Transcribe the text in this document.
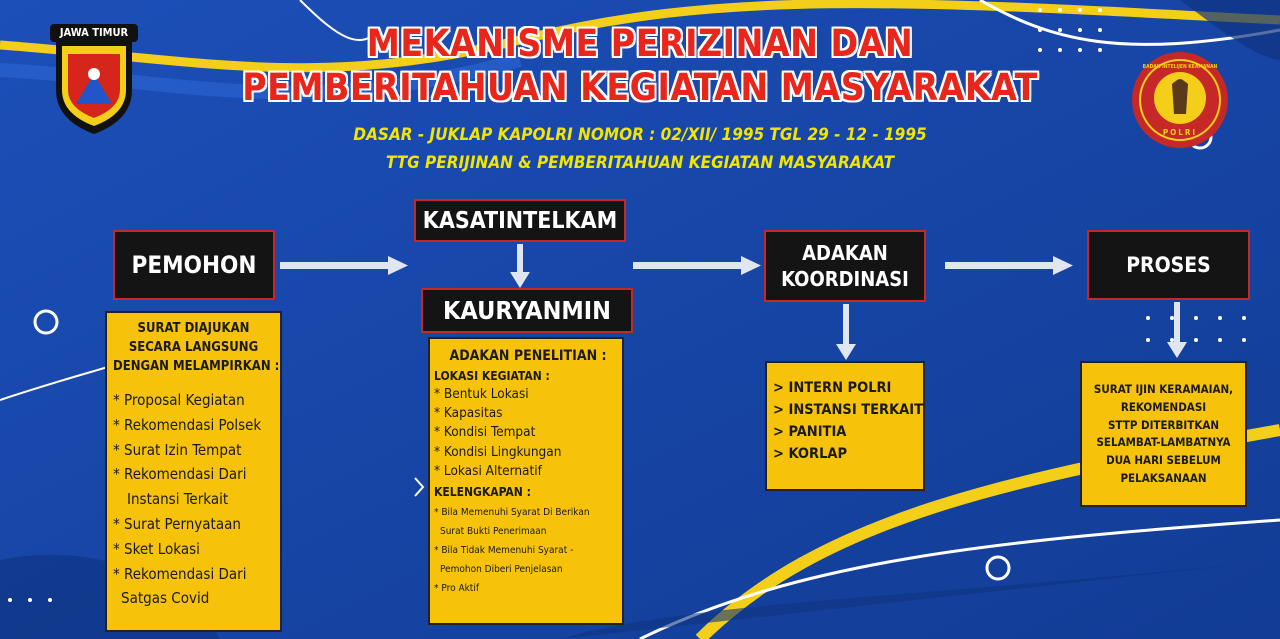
JAWA TIMUR
POLRI
BADAN INTELIJEN KEAMANAN
MEKANISME PERIZINAN DAN
PEMBERITAHUAN KEGIATAN MASYARAKAT
DASAR - JUKLAP KAPOLRI NOMOR : 02/XII/ 1995 TGL 29 - 12 - 1995
TTG PERIJINAN & PEMBERITAHUAN KEGIATAN MASYARAKAT
PEMOHON
KASATINTELKAM
KAURYANMIN
ADAKAN
KOORDINASI
PROSES
SURAT DIAJUKAN
SECARA LANGSUNG
DENGAN MELAMPIRKAN :
* Proposal Kegiatan
* Rekomendasi Polsek
* Surat Izin Tempat
* Rekomendasi Dari
Instansi Terkait
* Surat Pernyataan
* Sket Lokasi
* Rekomendasi Dari
Satgas Covid
ADAKAN PENELITIAN :
LOKASI KEGIATAN :
* Bentuk Lokasi
* Kapasitas
* Kondisi Tempat
* Kondisi Lingkungan
* Lokasi Alternatif
KELENGKAPAN :
* Bila Memenuhi Syarat Di Berikan
Surat Bukti Penerimaan
* Bila Tidak Memenuhi Syarat -
Pemohon Diberi Penjelasan
* Pro Aktif
> INTERN POLRI
> INSTANSI TERKAIT
> PANITIA
> KORLAP
SURAT IJIN KERAMAIAN,
REKOMENDASI
STTP DITERBITKAN
SELAMBAT-LAMBATNYA
DUA HARI SEBELUM
PELAKSANAAN
